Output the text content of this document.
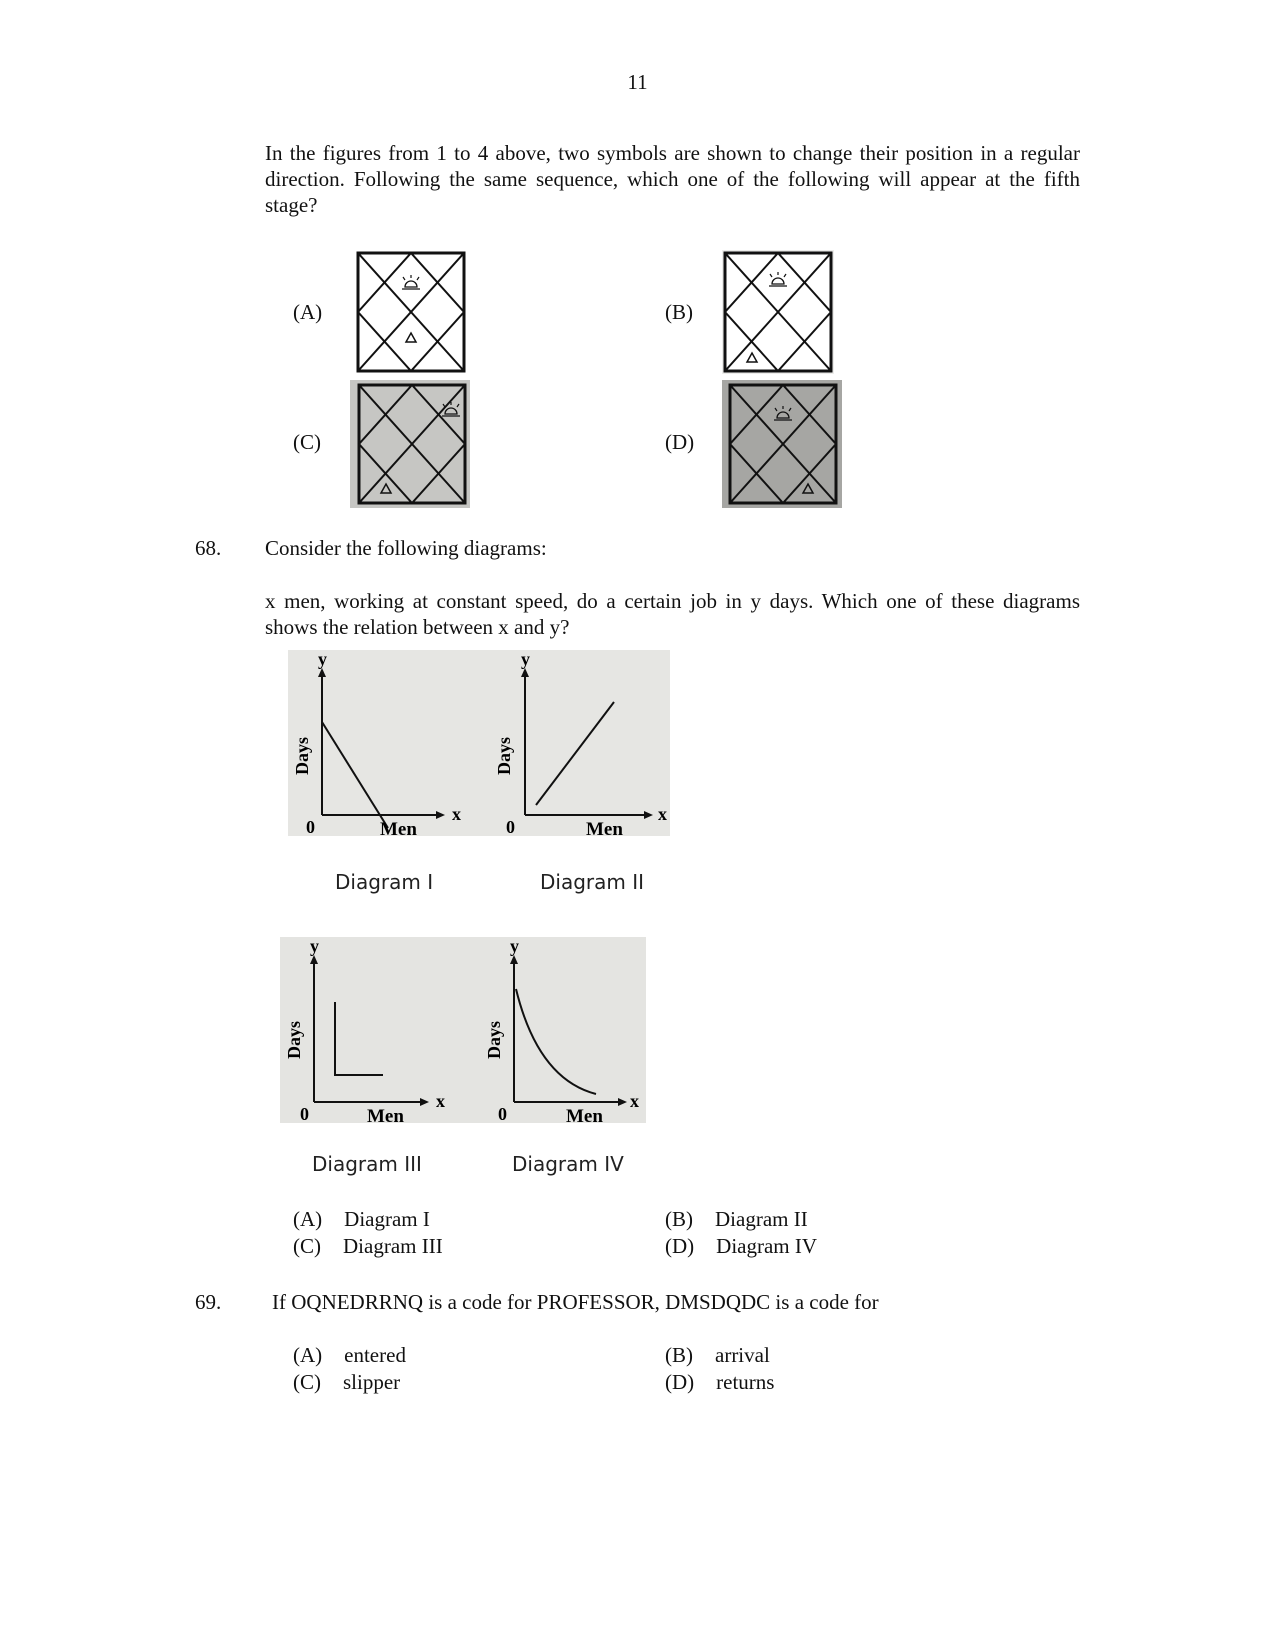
11
In the figures from 1 to 4 above, two symbols are shown to change their position in a regular direction. Following the same sequence, which one of the following will appear at the fifth stage?
(A)	(B)
(C)	(D)
68. Consider the following diagrams:
x men, working at constant speed, do a certain job in y days. Which one of these diagrams shows the relation between x and y?
y
x
0	Men
Days
y
x
0	Men
Days
Diagram I	Diagram II
y
x
0	Men
Days
y
x
0	Men
Days
Diagram III	Diagram IV
(A) Diagram I	(B) Diagram II
(C) Diagram III	(D) Diagram IV
69. If OQNEDRRNQ is a code for PROFESSOR, DMSDQDC is a code for
(A) entered	(B) arrival
(C) slipper	(D) returns
